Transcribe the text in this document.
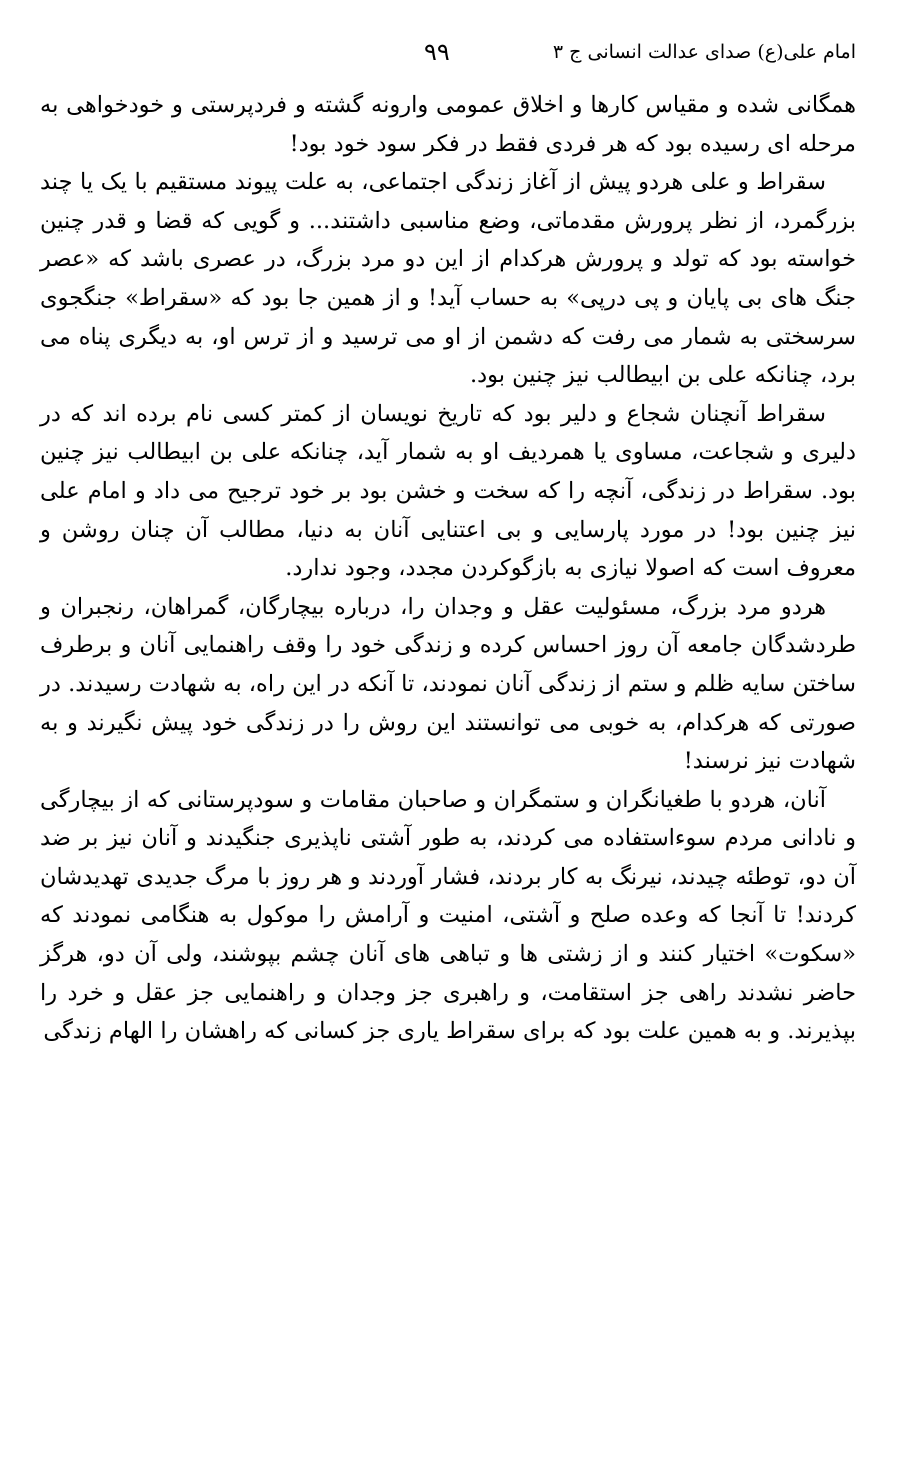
امام علی(ع) صدای عدالت انسانی ج ۳
۹۹

همگانی شده و مقیاس کارها و اخلاق عمومی وارونه گشته و فردپرستی و خودخواهی به مرحله ای رسیده بود که هر فردی فقط در فکر سود خود بود!

سقراط و علی هردو پیش از آغاز زندگی اجتماعی، به علت پیوند مستقیم با یک یا چند بزرگمرد، از نظر پرورش مقدماتی، وضع مناسبی داشتند... و گویی که قضا و قدر چنین خواسته بود که تولد و پرورش هرکدام از این دو مرد بزرگ، در عصری باشد که «عصر جنگ های بی پایان و پی درپی» به حساب آید! و از همین جا بود که «سقراط» جنگجوی سرسختی به شمار می رفت که دشمن از او می ترسید و از ترس او، به دیگری پناه می برد، چنانکه علی بن ابیطالب نیز چنین بود.

سقراط آنچنان شجاع و دلیر بود که تاریخ نویسان از کمتر کسی نام برده اند که در دلیری و شجاعت، مساوی یا همردیف او به شمار آید، چنانکه علی بن ابیطالب نیز چنین بود. سقراط در زندگی، آنچه را که سخت و خشن بود بر خود ترجیح می داد و امام علی نیز چنین بود! در مورد پارسایی و بی اعتنایی آنان به دنیا، مطالب آن چنان روشن و معروف است که اصولا نیازی به بازگوکردن مجدد، وجود ندارد.

هردو مرد بزرگ، مسئولیت عقل و وجدان را، درباره بیچارگان، گمراهان، رنجبران و طردشدگان جامعه آن روز احساس کرده و زندگی خود را وقف راهنمایی آنان و برطرف ساختن سایه ظلم و ستم از زندگی آنان نمودند، تا آنکه در این راه، به شهادت رسیدند. در صورتی که هرکدام، به خوبی می توانستند این روش را در زندگی خود پیش نگیرند و به شهادت نیز نرسند!

آنان، هردو با طغیانگران و ستمگران و صاحبان مقامات و سودپرستانی که از بیچارگی و نادانی مردم سوءاستفاده می کردند، به طور آشتی ناپذیری جنگیدند و آنان نیز بر ضد آن دو، توطئه چیدند، نیرنگ به کار بردند، فشار آوردند و هر روز با مرگ جدیدی تهدیدشان کردند! تا آنجا که وعده صلح و آشتی، امنیت و آرامش را موکول به هنگامی نمودند که «سکوت» اختیار کنند و از زشتی ها و تباهی های آنان چشم بپوشند، ولی آن دو، هرگز حاضر نشدند راهی جز استقامت، و راهبری جز وجدان و راهنمایی جز عقل و خرد را بپذیرند. و به همین علت بود که برای سقراط یاری جز کسانی که راهشان را الهام زندگی
